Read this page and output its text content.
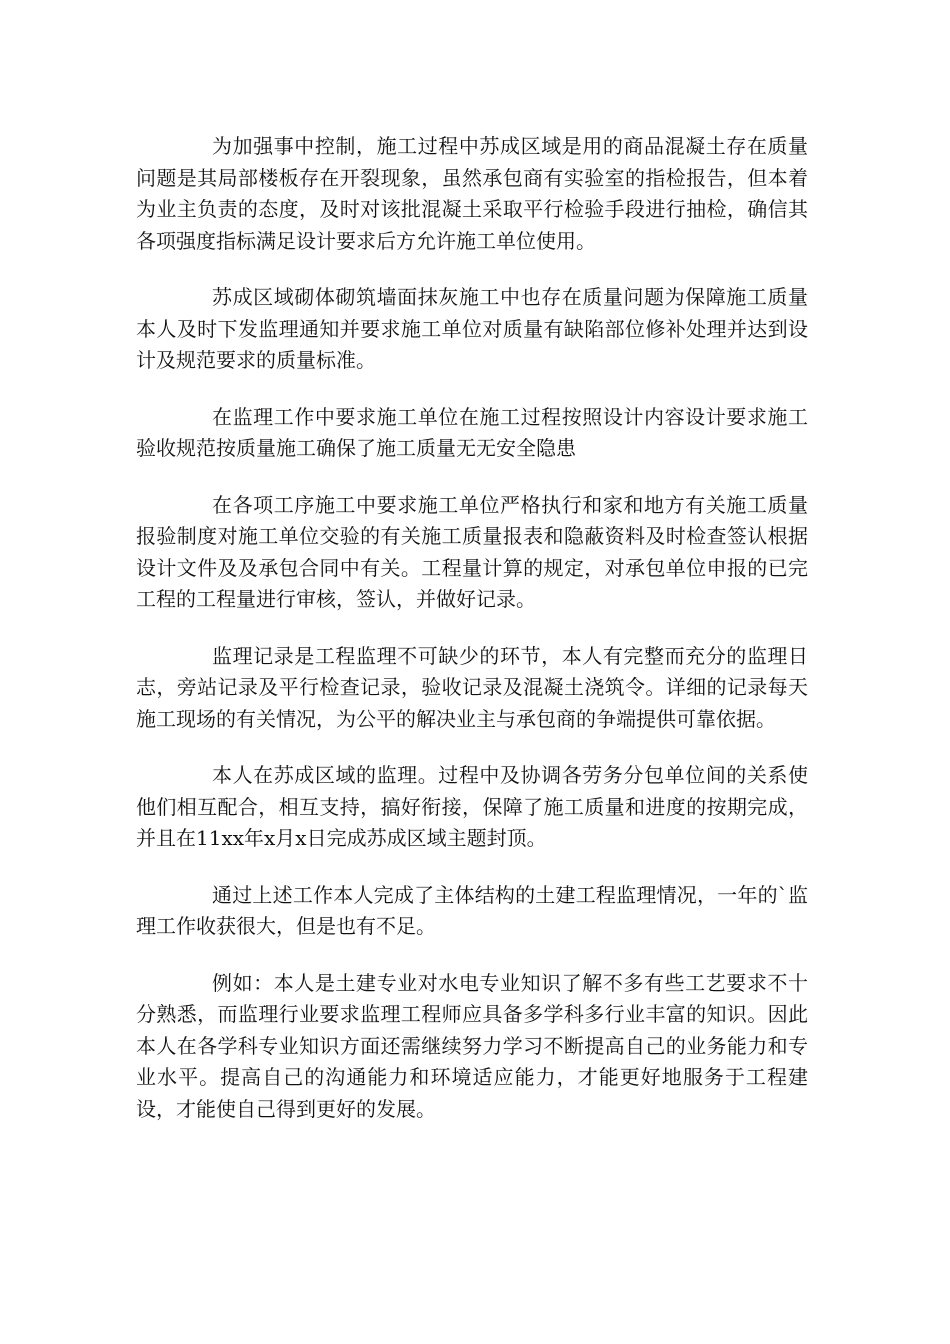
为加强事中控制，施工过程中苏成区域是用的商品混凝土存在质量问题是其局部楼板存在开裂现象，虽然承包商有实验室的指检报告，但本着为业主负责的态度，及时对该批混凝土采取平行检验手段进行抽检，确信其各项强度指标满足设计要求后方允许施工单位使用。

苏成区域砌体砌筑墙面抹灰施工中也存在质量问题为保障施工质量本人及时下发监理通知并要求施工单位对质量有缺陷部位修补处理并达到设计及规范要求的质量标准。

在监理工作中要求施工单位在施工过程按照设计内容设计要求施工验收规范按质量施工确保了施工质量无无安全隐患

在各项工序施工中要求施工单位严格执行和家和地方有关施工质量报验制度对施工单位交验的有关施工质量报表和隐蔽资料及时检查签认根据设计文件及及承包合同中有关。工程量计算的规定，对承包单位申报的已完工程的工程量进行审核，签认，并做好记录。

监理记录是工程监理不可缺少的环节，本人有完整而充分的监理日志，旁站记录及平行检查记录，验收记录及混凝土浇筑令。详细的记录每天施工现场的有关情况，为公平的解决业主与承包商的争端提供可靠依据。

本人在苏成区域的监理。过程中及协调各劳务分包单位间的关系使他们相互配合，相互支持，搞好衔接，保障了施工质量和进度的按期完成，并且在11xx年x月x日完成苏成区域主题封顶。

通过上述工作本人完成了主体结构的土建工程监理情况，一年的`监理工作收获很大，但是也有不足。

例如：本人是土建专业对水电专业知识了解不多有些工艺要求不十分熟悉，而监理行业要求监理工程师应具备多学科多行业丰富的知识。因此本人在各学科专业知识方面还需继续努力学习不断提高自己的业务能力和专业水平。提高自己的沟通能力和环境适应能力，才能更好地服务于工程建设，才能使自己得到更好的发展。
